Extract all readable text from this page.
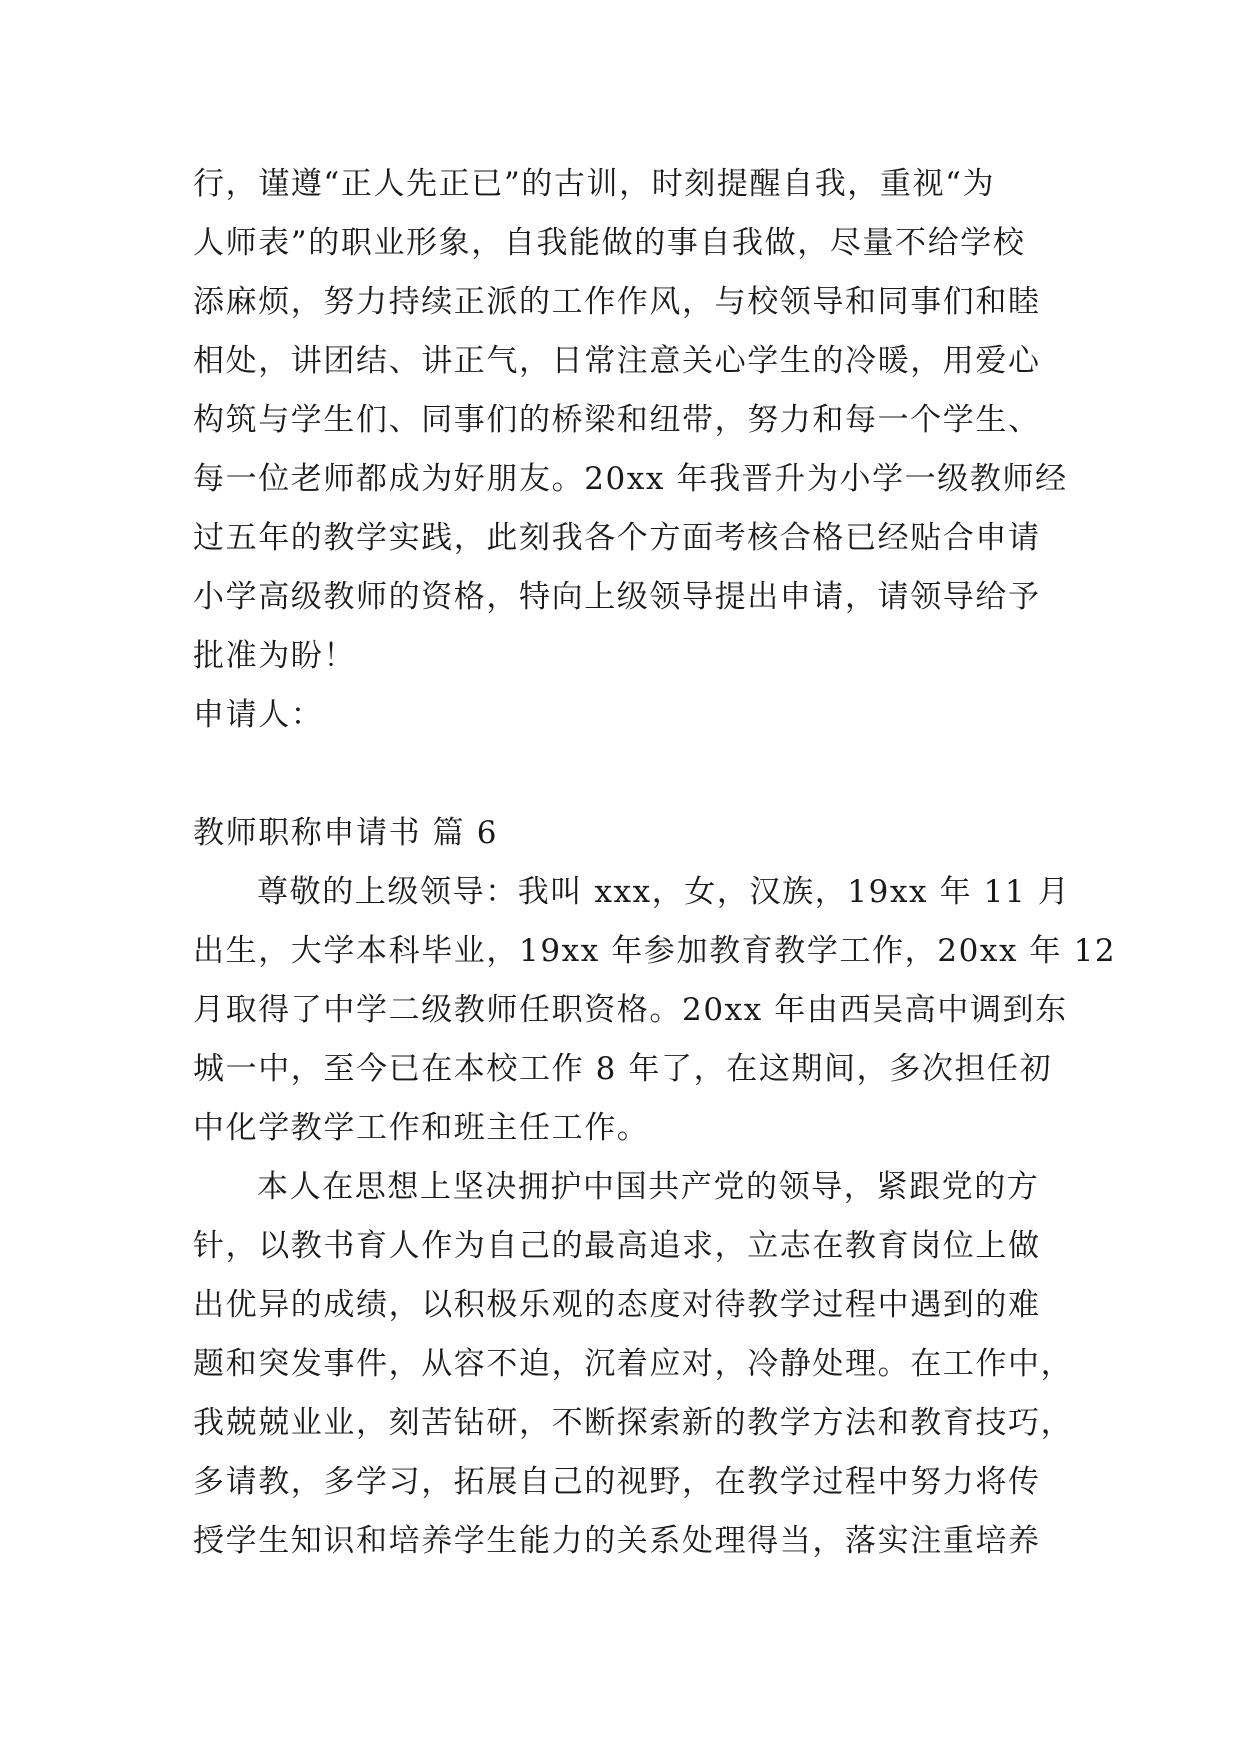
行，谨遵“正人先正已”的古训，时刻提醒自我，重视“为
人师表”的职业形象，自我能做的事自我做，尽量不给学校
添麻烦，努力持续正派的工作作风，与校领导和同事们和睦
相处，讲团结、讲正气，日常注意关心学生的冷暖，用爱心
构筑与学生们、同事们的桥梁和纽带，努力和每一个学生、
每一位老师都成为好朋友。20xx 年我晋升为小学一级教师经
过五年的教学实践，此刻我各个方面考核合格已经贴合申请
小学高级教师的资格，特向上级领导提出申请，请领导给予
批准为盼！
申请人：
教师职称申请书 篇 6
尊敬的上级领导：我叫 xxx，女，汉族，19xx 年 11 月
出生，大学本科毕业，19xx 年参加教育教学工作，20xx 年 12
月取得了中学二级教师任职资格。20xx 年由西吴高中调到东
城一中，至今已在本校工作 8 年了，在这期间，多次担任初
中化学教学工作和班主任工作。
本人在思想上坚决拥护中国共产党的领导，紧跟党的方
针，以教书育人作为自己的最高追求，立志在教育岗位上做
出优异的成绩，以积极乐观的态度对待教学过程中遇到的难
题和突发事件，从容不迫，沉着应对，冷静处理。在工作中，
我兢兢业业，刻苦钻研，不断探索新的教学方法和教育技巧，
多请教，多学习，拓展自己的视野，在教学过程中努力将传
授学生知识和培养学生能力的关系处理得当，落实注重培养
